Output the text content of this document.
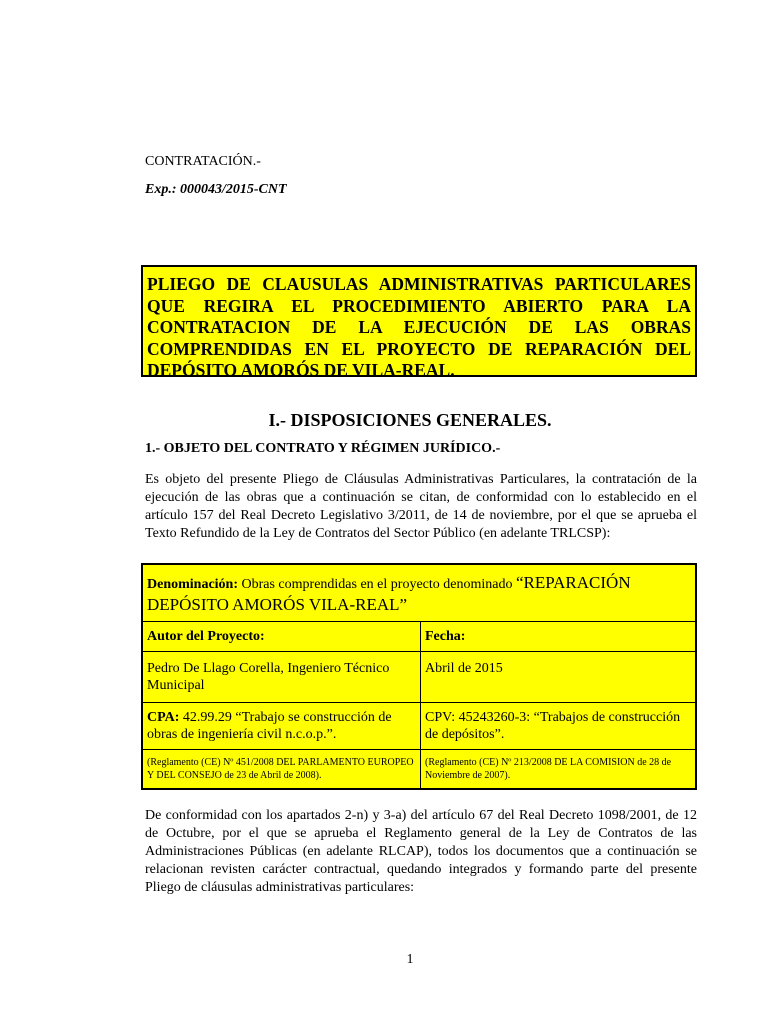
CONTRATACIÓN.-
Exp.: 000043/2015-CNT
PLIEGO DE CLAUSULAS ADMINISTRATIVAS PARTICULARES QUE REGIRA EL PROCEDIMIENTO ABIERTO PARA LA CONTRATACION DE LA EJECUCIÓN DE LAS OBRAS COMPRENDIDAS EN EL PROYECTO DE REPARACIÓN DEL DEPÓSITO AMORÓS DE VILA-REAL.
I.- DISPOSICIONES GENERALES.
1.- OBJETO DEL CONTRATO Y RÉGIMEN JURÍDICO.-
Es objeto del presente Pliego de Cláusulas Administrativas Particulares, la contratación de la ejecución de las obras que a continuación se citan, de conformidad con lo establecido en el artículo 157 del Real Decreto Legislativo 3/2011, de 14 de noviembre, por el que se aprueba el Texto Refundido de la Ley de Contratos del Sector Público (en adelante TRLCSP):
Denominación: Obras comprendidas en el proyecto denominado “REPARACIÓN DEPÓSITO AMORÓS VILA-REAL”
Autor del Proyecto:	Fecha:
Pedro De Llago Corella, Ingeniero Técnico Municipal
Abril de 2015
CPA: 42.99.29 “Trabajo se construcción de obras de ingeniería civil n.c.o.p.”.
CPV: 45243260-3: “Trabajos de construcción de depósitos”.
(Reglamento (CE) Nº 451/2008 DEL PARLAMENTO EUROPEO Y DEL CONSEJO de 23 de Abril de 2008).
(Reglamento (CE) Nº 213/2008 DE LA COMISION de 28 de Noviembre de 2007).
De conformidad con los apartados 2-n) y 3-a) del artículo 67 del Real Decreto 1098/2001, de 12 de Octubre, por el que se aprueba el Reglamento general de la Ley de Contratos de las Administraciones Públicas (en adelante RLCAP), todos los documentos que a continuación se relacionan revisten carácter contractual, quedando integrados y formando parte del presente Pliego de cláusulas administrativas particulares:
1
